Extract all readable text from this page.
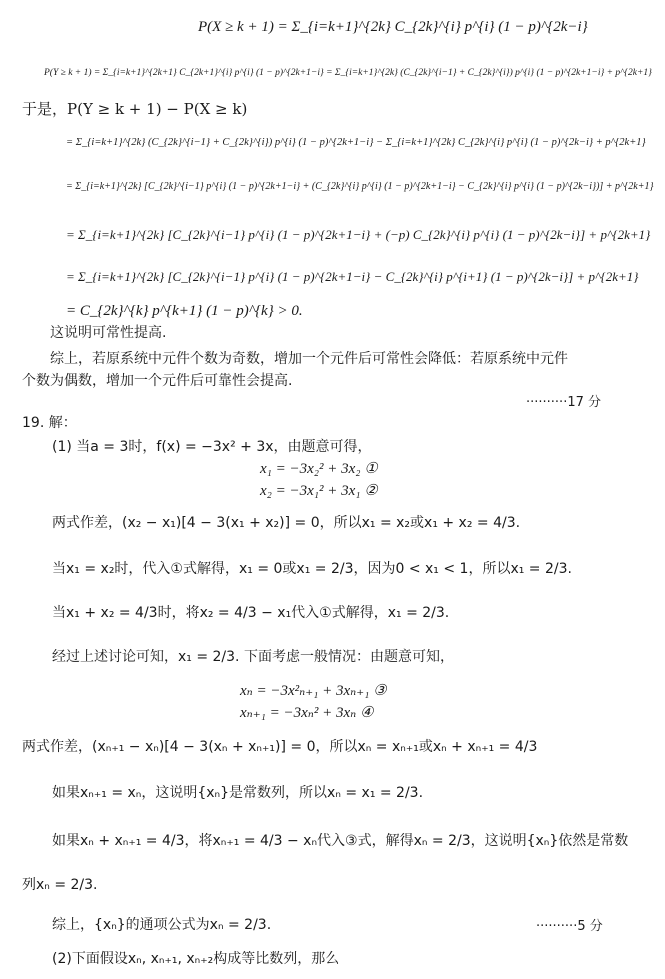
P(X ≥ k + 1) = Σ_{i=k+1}^{2k} C_{2k}^{i} p^{i} (1 − p)^{2k−i}
P(Y ≥ k + 1) = Σ_{i=k+1}^{2k+1} C_{2k+1}^{i} p^{i} (1 − p)^{2k+1−i} = Σ_{i=k+1}^{2k} (C_{2k}^{i−1} + C_{2k}^{i}) p^{i} (1 − p)^{2k+1−i} + p^{2k+1}
于是，P(Y ≥ k + 1) − P(X ≥ k)
= Σ_{i=k+1}^{2k} (C_{2k}^{i−1} + C_{2k}^{i}) p^{i} (1 − p)^{2k+1−i} − Σ_{i=k+1}^{2k} C_{2k}^{i} p^{i} (1 − p)^{2k−i} + p^{2k+1}
= Σ_{i=k+1}^{2k} [C_{2k}^{i−1} p^{i} (1 − p)^{2k+1−i} + (C_{2k}^{i} p^{i} (1 − p)^{2k+1−i} − C_{2k}^{i} p^{i} (1 − p)^{2k−i})] + p^{2k+1}
= Σ_{i=k+1}^{2k} [C_{2k}^{i−1} p^{i} (1 − p)^{2k+1−i} + (−p) C_{2k}^{i} p^{i} (1 − p)^{2k−i}] + p^{2k+1}
= Σ_{i=k+1}^{2k} [C_{2k}^{i−1} p^{i} (1 − p)^{2k+1−i} − C_{2k}^{i} p^{i+1} (1 − p)^{2k−i}] + p^{2k+1}
= C_{2k}^{k} p^{k+1} (1 − p)^{k} > 0.
这说明可常性提高.
综上，若原系统中元件个数为奇数，增加一个元件后可常性会降低：若原系统中元件
个数为偶数，增加一个元件后可靠性会提高.
··········17 分
19. 解：
(1) 当a = 3时，f(x) = −3x² + 3x，由题意可得，
x₁ = −3x₂² + 3x₂ ①
x₂ = −3x₁² + 3x₁ ②
两式作差，(x₂ − x₁)[4 − 3(x₁ + x₂)] = 0，所以x₁ = x₂或x₁ + x₂ = 4/3.
当x₁ = x₂时，代入①式解得，x₁ = 0或x₁ = 2/3，因为0 < x₁ < 1，所以x₁ = 2/3.
当x₁ + x₂ = 4/3时，将x₂ = 4/3 − x₁代入①式解得，x₁ = 2/3.
经过上述讨论可知，x₁ = 2/3. 下面考虑一般情况：由题意可知，
xₙ = −3x²ₙ₊₁ + 3xₙ₊₁ ③
xₙ₊₁ = −3xₙ² + 3xₙ ④
两式作差，(xₙ₊₁ − xₙ)[4 − 3(xₙ + xₙ₊₁)] = 0，所以xₙ = xₙ₊₁或xₙ + xₙ₊₁ = 4/3
如果xₙ₊₁ = xₙ，这说明{xₙ}是常数列，所以xₙ = x₁ = 2/3.
如果xₙ + xₙ₊₁ = 4/3，将xₙ₊₁ = 4/3 − xₙ代入③式，解得xₙ = 2/3，这说明{xₙ}依然是常数
列xₙ = 2/3.
综上，{xₙ}的通项公式为xₙ = 2/3.	··········5 分
(2)下面假设xₙ, xₙ₊₁, xₙ₊₂构成等比数列，那么
